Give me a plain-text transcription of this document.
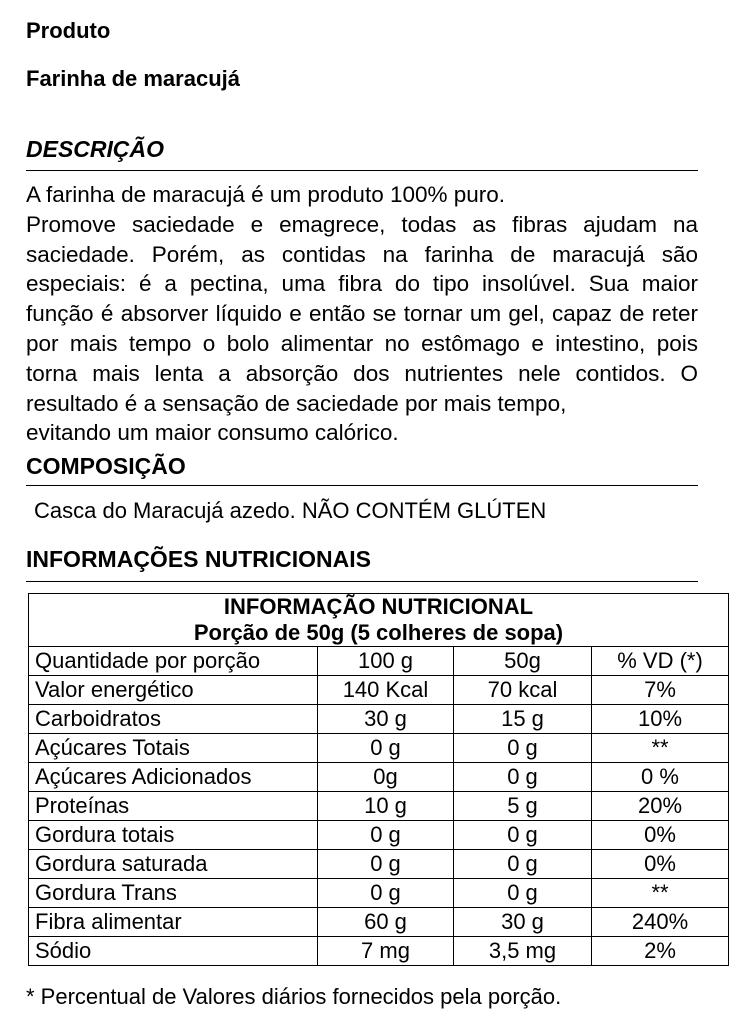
Produto
Farinha de maracujá
DESCRIÇÃO

A farinha de maracujá é um produto 100% puro.

Promove saciedade e emagrece, todas as fibras ajudam na saciedade. Porém, as contidas na farinha de maracujá são especiais: é a pectina, uma fibra do tipo insolúvel. Sua maior função é absorver líquido e então se tornar um gel, capaz de reter por mais tempo o bolo alimentar no estômago e intestino, pois torna mais lenta a absorção dos nutrientes nele contidos. O resultado é a sensação de saciedade por mais tempo,

evitando um maior consumo calórico.

COMPOSIÇÃO
Casca do Maracujá azedo. NÃO CONTÉM GLÚTEN
INFORMAÇÕES NUTRICIONAIS
INFORMAÇÃO NUTRICIONAL			
Porção de 50g (5 colheres de sopa)			
Quantidade por porção	100 g	50g	% VD (*)
Valor energético	140 Kcal	70 kcal	7%
Carboidratos	30 g	15 g	10%
Açúcares Totais	0 g	0 g	**
Açúcares Adicionados	0g	0 g	0 %
Proteínas	10 g	5 g	20%
Gordura totais	0 g	0 g	0%
Gordura saturada	0 g	0 g	0%
Gordura Trans	0 g	0 g	**
Fibra alimentar	60 g	30 g	240%
Sódio	7 mg	3,5 mg	2%
* Percentual de Valores diários fornecidos pela porção.
